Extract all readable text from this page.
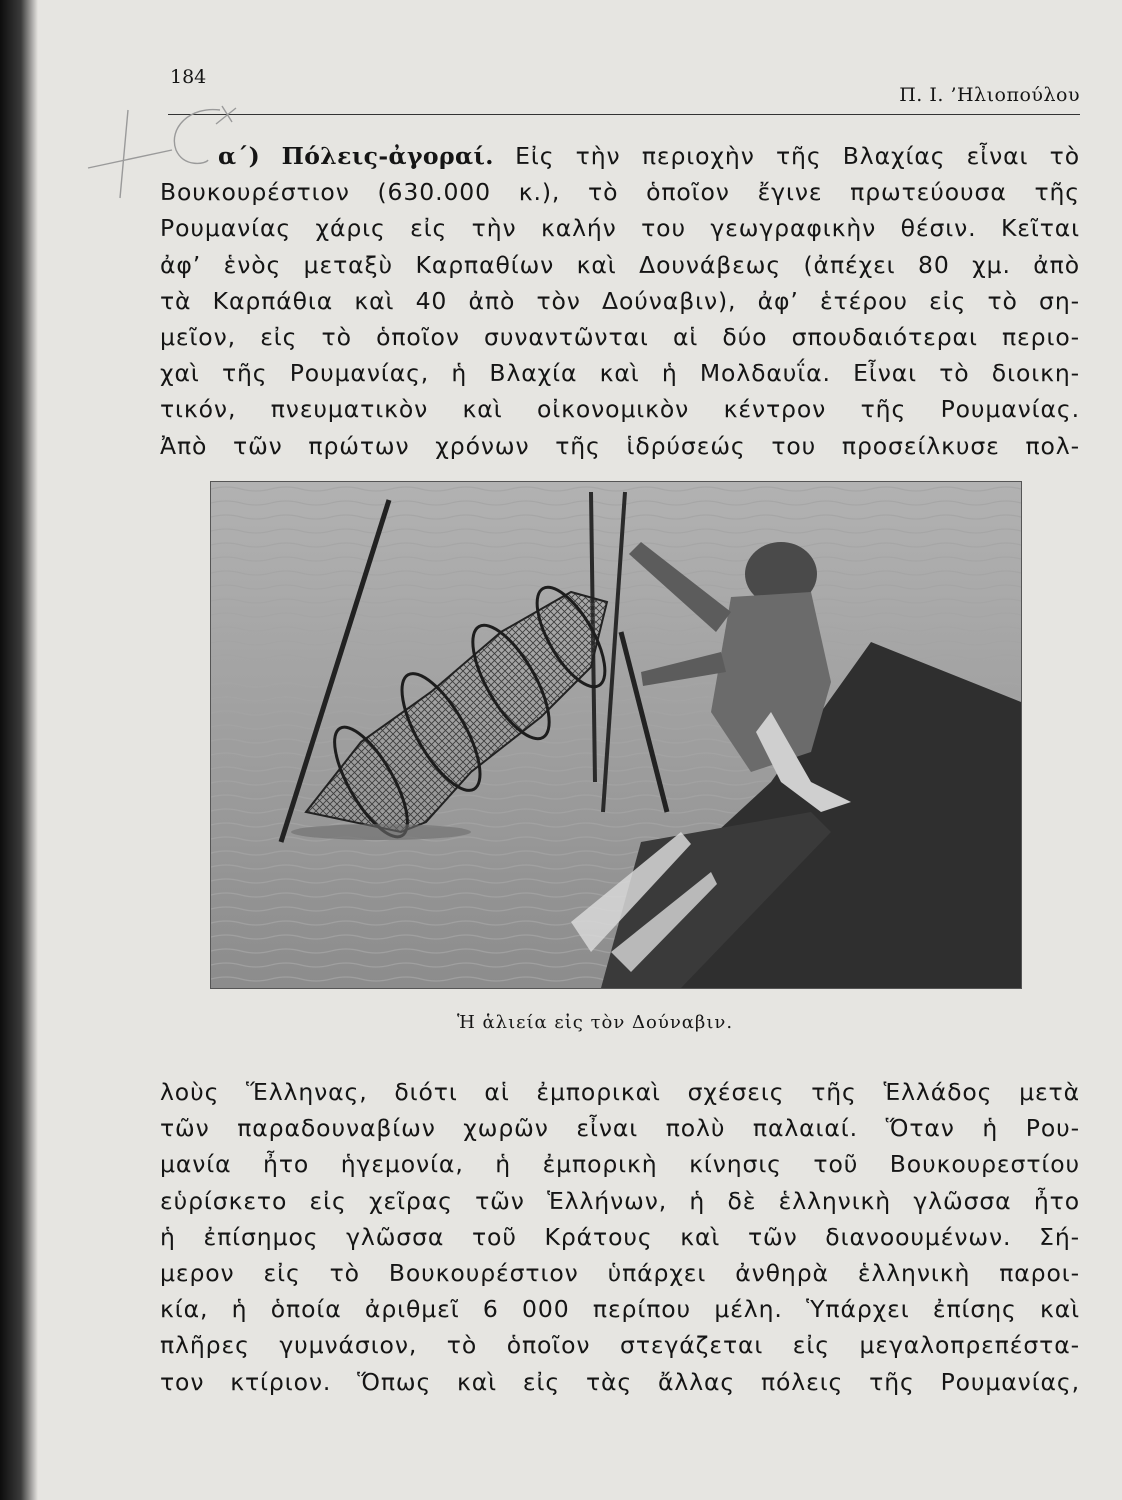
184
Π. Ι. ’Ηλιοπούλου
α΄) Πόλεις-ἀγοραί. Εἰς τὴν περιοχὴν τῆς Βλαχίας εἶναι τὸ
Βουκουρέστιον (630.000 κ.), τὸ ὁποῖον ἔγινε πρωτεύουσα τῆς
Ρουμανίας χάρις εἰς τὴν καλήν του γεωγραφικὴν θέσιν. Κεῖται
ἀφ’ ἑνὸς μεταξὺ Καρπαθίων καὶ Δουνάβεως (ἀπέχει 80 χμ. ἀπὸ
τὰ Καρπάθια καὶ 40 ἀπὸ τὸν Δούναβιν), ἀφ’ ἑτέρου εἰς τὸ ση-
μεῖον, εἰς τὸ ὁποῖον συναντῶνται αἱ δύο σπουδαιότεραι περιο-
χαὶ τῆς Ρουμανίας, ἡ Βλαχία καὶ ἡ Μολδαυΐα. Εἶναι τὸ διοικη-
τικόν, πνευματικὸν καὶ οἰκονομικὸν κέντρον τῆς Ρουμανίας.
Ἀπὸ τῶν πρώτων χρόνων τῆς ἱδρύσεώς του προσείλκυσε πολ-
Ἡ ἁλιεία εἰς τὸν Δούναβιν.
λοὺς Ἕλληνας, διότι αἱ ἐμπορικαὶ σχέσεις τῆς Ἑλλάδος μετὰ
τῶν παραδουναβίων χωρῶν εἶναι πολὺ παλαιαί. Ὅταν ἡ Ρου-
μανία ἦτο ἡγεμονία, ἡ ἐμπορικὴ κίνησις τοῦ Βουκουρεστίου
εὑρίσκετο εἰς χεῖρας τῶν Ἑλλήνων, ἡ δὲ ἑλληνικὴ γλῶσσα ἦτο
ἡ ἐπίσημος γλῶσσα τοῦ Κράτους καὶ τῶν διανοουμένων. Σή-
μερον εἰς τὸ Βουκουρέστιον ὑπάρχει ἀνθηρὰ ἑλληνικὴ παροι-
κία, ἡ ὁποία ἀριθμεῖ 6 000 περίπου μέλη. Ὑπάρχει ἐπίσης καὶ
πλῆρες γυμνάσιον, τὸ ὁποῖον στεγάζεται εἰς μεγαλοπρεπέστα-
τον κτίριον. Ὅπως καὶ εἰς τὰς ἄλλας πόλεις τῆς Ρουμανίας,
